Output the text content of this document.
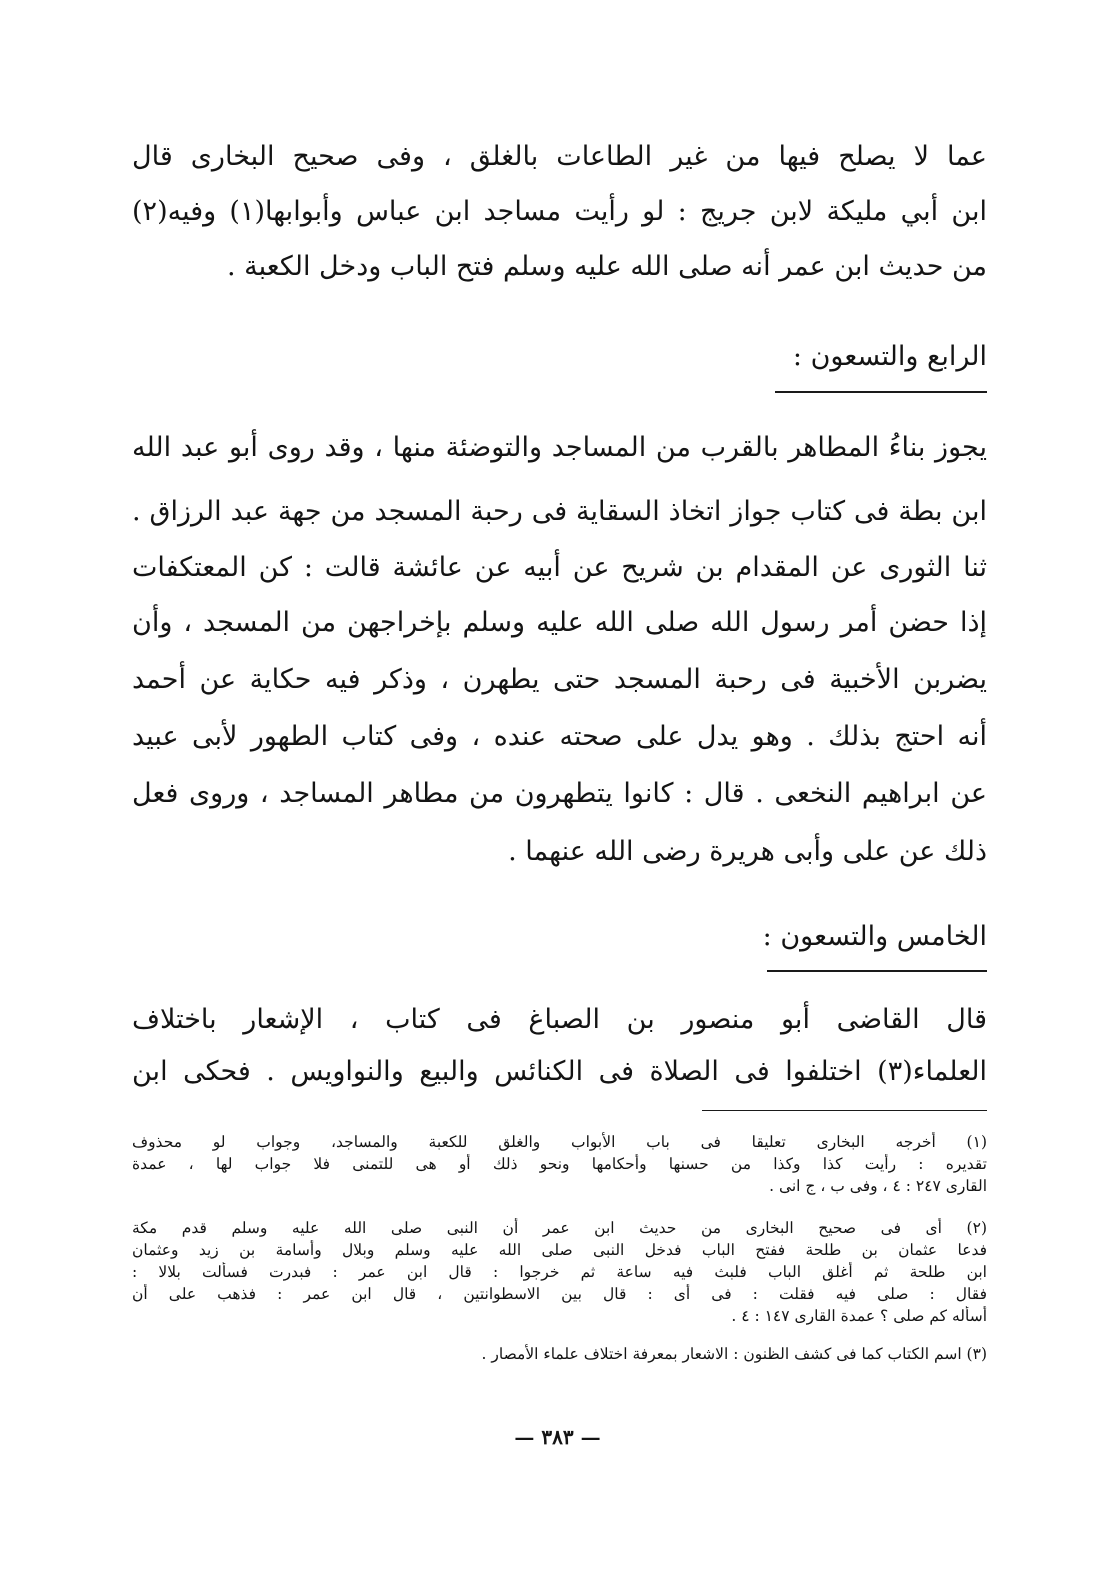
عما لا يصلح فيها من غير الطاعات بالغلق ، وفى صحيح البخارى قال
ابن أبي مليكة لابن جريج : لو رأيت مساجد ابن عباس وأبوابها(١) وفيه(٢)
من حديث ابن عمر أنه صلى الله عليه وسلم فتح الباب ودخل الكعبة .
الرابع والتسعون :
يجوز بناءُ المطاهر بالقرب من المساجد والتوضئة منها ، وقد روى أبو عبد الله
ابن بطة فى كتاب جواز اتخاذ السقاية فى رحبة المسجد من جهة عبد الرزاق .
ثنا الثورى عن المقدام بن شريح عن أبيه عن عائشة قالت : كن المعتكفات
إذا حضن أمر رسول الله صلى الله عليه وسلم بإخراجهن من المسجد ، وأن
يضربن الأخبية فى رحبة المسجد حتى يطهرن ، وذكر فيه حكاية عن أحمد
أنه احتج بذلك . وهو يدل على صحته عنده ، وفى كتاب الطهور لأبى عبيد
عن ابراهيم النخعى . قال : كانوا يتطهرون من مطاهر المساجد ، وروى فعل
ذلك عن على وأبى هريرة رضى الله عنهما .
الخامس والتسعون :
قال القاضى أبو منصور بن الصباغ فى كتاب ، الإشعار باختلاف
العلماء(٣) اختلفوا فى الصلاة فى الكنائس والبيع والنواويس . فحكى ابن
(١) أخرجه البخارى تعليقا فى باب الأبواب والغلق للكعبة والمساجد، وجواب لو محذوف
تقديره : رأيت كذا وكذا من حسنها وأحكامها ونحو ذلك أو هى للتمنى فلا جواب لها ، عمدة
القارى ٢٤٧ : ٤ ، وفى ب ، ج انى .
(٢) أى فى صحيح البخارى من حديث ابن عمر أن النبى صلى الله عليه وسلم قدم مكة
فدعا عثمان بن طلحة ففتح الباب فدخل النبى صلى الله عليه وسلم وبلال وأسامة بن زيد وعثمان
ابن طلحة ثم أغلق الباب فلبث فيه ساعة ثم خرجوا : قال ابن عمر : فبدرت فسألت بلالا :
فقال : صلى فيه فقلت : فى أى : قال بين الاسطوانتين ، قال ابن عمر : فذهب على أن
أسأله كم صلى ؟ عمدة القارى ١٤٧ : ٤ .
(٣) اسم الكتاب كما فى كشف الظنون : الاشعار بمعرفة اختلاف علماء الأمصار .
— ٣٨٣ —
